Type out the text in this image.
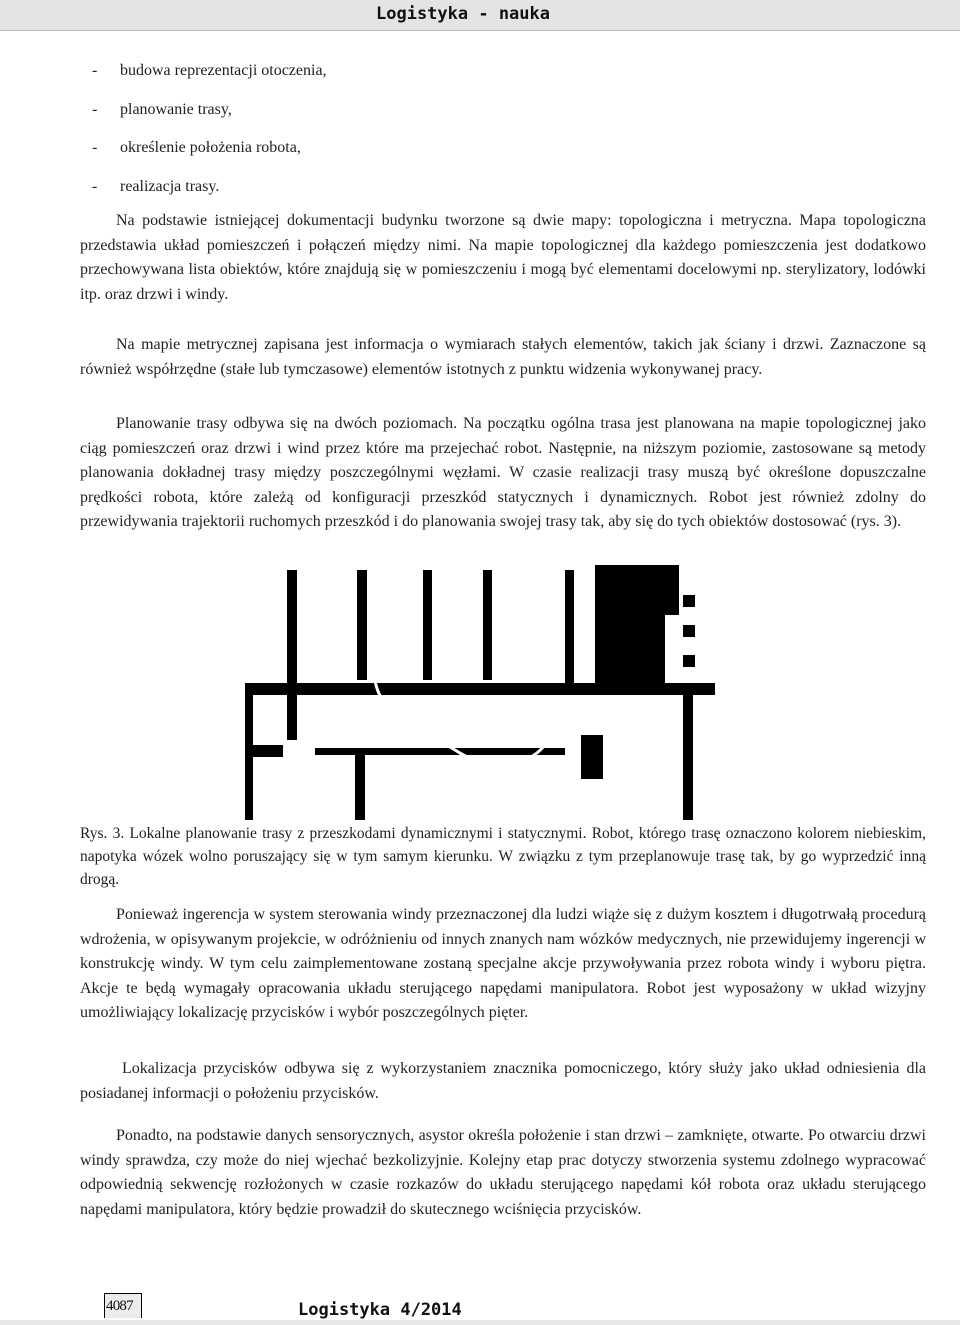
Logistyka - nauka
- budowa reprezentacji otoczenia,
- planowanie trasy,
- określenie położenia robota,
- realizacja trasy.

Na podstawie istniejącej dokumentacji budynku tworzone są dwie mapy: topologiczna i metryczna. Mapa topologiczna przedstawia układ pomieszczeń i połączeń między nimi. Na mapie topologicznej dla każdego pomieszczenia jest dodatkowo przechowywana lista obiektów, które znajdują się w pomieszczeniu i mogą być elementami docelowymi np. sterylizatory, lodówki itp. oraz drzwi i windy.

Na mapie metrycznej zapisana jest informacja o wymiarach stałych elementów, takich jak ściany i drzwi. Zaznaczone są również współrzędne (stałe lub tymczasowe) elementów istotnych z punktu widzenia wykonywanej pracy.

Planowanie trasy odbywa się na dwóch poziomach. Na początku ogólna trasa jest planowana na mapie topologicznej jako ciąg pomieszczeń oraz drzwi i wind przez które ma przejechać robot. Następnie, na niższym poziomie, zastosowane są metody planowania dokładnej trasy między poszczególnymi węzłami. W czasie realizacji trasy muszą być określone dopuszczalne prędkości robota, które zależą od konfiguracji przeszkód statycznych i dynamicznych. Robot jest również zdolny do przewidywania trajektorii ruchomych przeszkód i do planowania swojej trasy tak, aby się do tych obiektów dostosować (rys. 3).

Rys. 3. Lokalne planowanie trasy z przeszkodami dynamicznymi i statycznymi. Robot, którego trasę oznaczono kolorem niebieskim, napotyka wózek wolno poruszający się w tym samym kierunku. W związku z tym przeplanowuje trasę tak, by go wyprzedzić inną drogą.

Ponieważ ingerencja w system sterowania windy przeznaczonej dla ludzi wiąże się z dużym kosztem i długotrwałą procedurą wdrożenia, w opisywanym projekcie, w odróżnieniu od innych znanych nam wózków medycznych, nie przewidujemy ingerencji w konstrukcję windy. W tym celu zaimplementowane zostaną specjalne akcje przywoływania przez robota windy i wyboru piętra. Akcje te będą wymagały opracowania układu sterującego napędami manipulatora. Robot jest wyposażony w układ wizyjny umożliwiający lokalizację przycisków i wybór poszczególnych pięter.

Lokalizacja przycisków odbywa się z wykorzystaniem znacznika pomocniczego, który służy jako układ odniesienia dla posiadanej informacji o położeniu przycisków.

Ponadto, na podstawie danych sensorycznych, asystor określa położenie i stan drzwi – zamknięte, otwarte. Po otwarciu drzwi windy sprawdza, czy może do niej wjechać bezkolizyjnie. Kolejny etap prac dotyczy stworzenia systemu zdolnego wypracować odpowiednią sekwencję rozłożonych w czasie rozkazów do układu sterującego napędami kół robota oraz układu sterującego napędami manipulatora, który będzie prowadził do skutecznego wciśnięcia przycisków.

4087	Logistyka 4/2014
